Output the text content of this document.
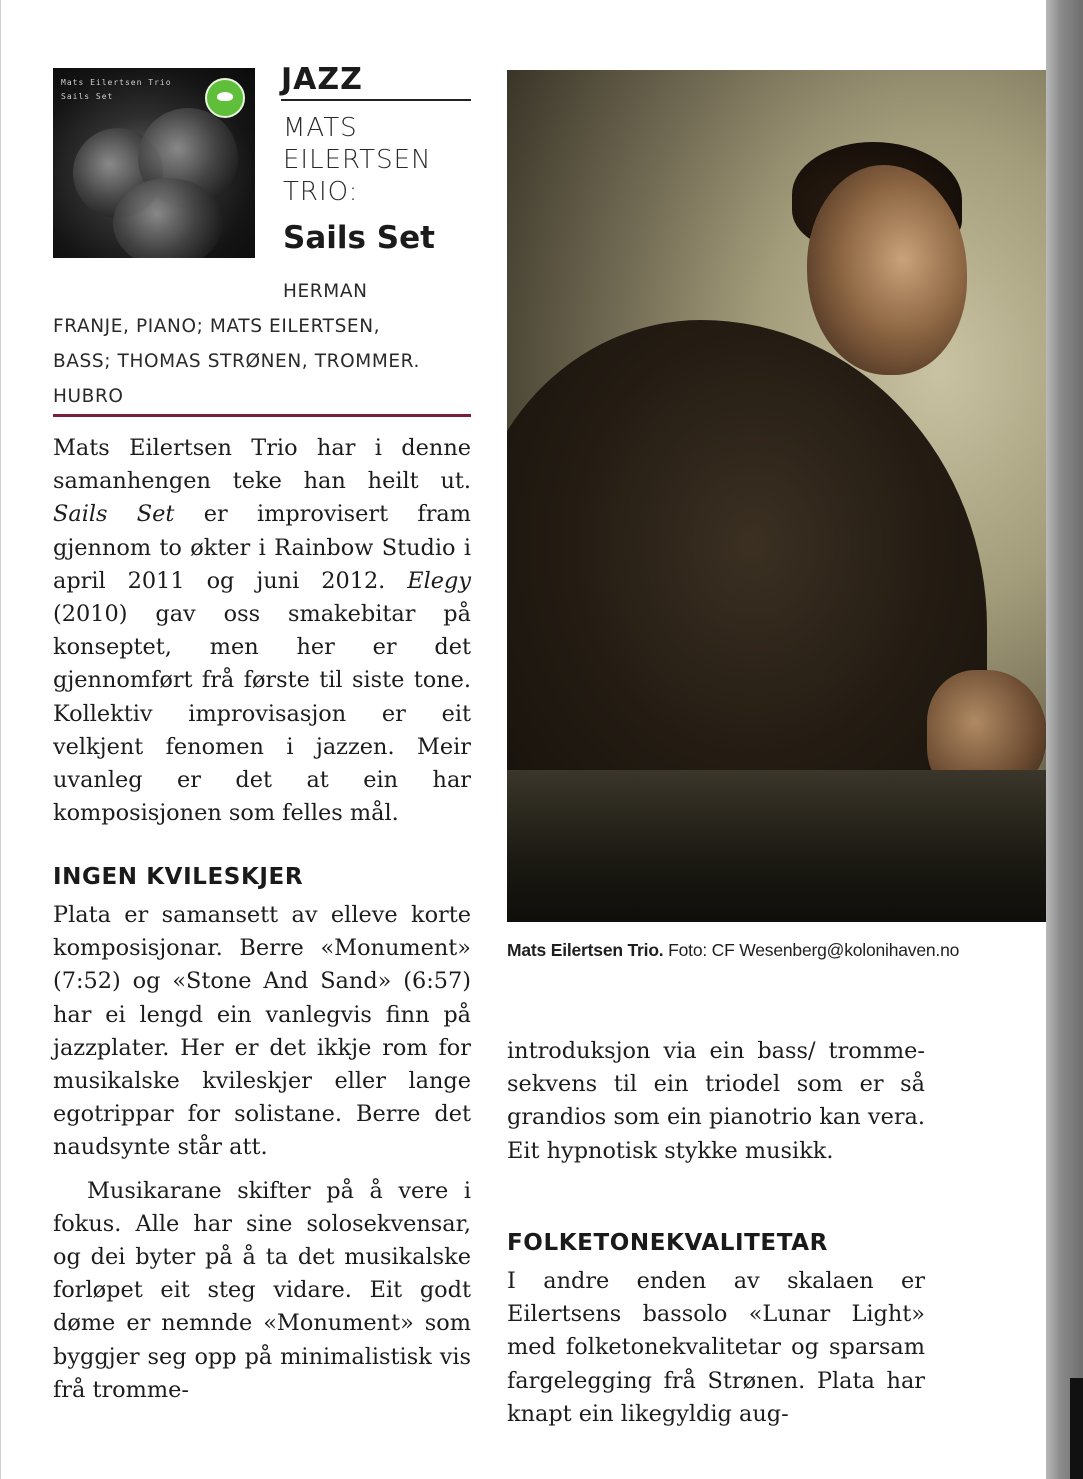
Mats Eilertsen Trio
Sails Set	JAZZ
MATS
EILERTSEN
TRIO:
Sails Set
HERMAN
FRANJE, PIANO; MATS EILERTSEN,
BASS; THOMAS STRØNEN, TROMMER.
HUBRO
Mats Eilertsen Trio har i denne samanhengen teke han heilt ut. Sails Set er improvisert fram gjennom to økter i Rainbow Studio i april 2011 og juni 2012. Elegy (2010) gav oss smakebitar på konseptet, men her er det gjennomført frå første til siste tone. Kollektiv improvisasjon er eit velkjent fenomen i jazzen. Meir uvanleg er det at ein har komposisjonen som felles mål.
INGEN KVILESKJER

Plata er samansett av elleve korte komposisjonar. Berre «Monument» (7:52) og «Stone And Sand» (6:57) har ei lengd ein vanlegvis finn på jazzplater. Her er det ikkje rom for musikalske kvileskjer eller lange egotrippar for solistane. Berre det naudsynte står att.

Musikarane skifter på å vere i fokus. Alle har sine solosekvensar, og dei byter på å ta det musikalske forløpet eit steg vidare. Eit godt døme er nemnde «Monument» som byggjer seg opp på minimalistisk vis frå tromme-

Mats Eilertsen Trio. Foto: CF Wesenberg@kolonihaven.no
introduksjon via ein bass/ tromme-sekvens til ein triodel som er så grandios som ein pianotrio kan vera. Eit hypnotisk stykke musikk.
FOLKETONEKVALITETAR
I andre enden av skalaen er Eilertsens bassolo «Lunar Light» med folketonekvalitetar og sparsam fargelegging frå Strønen. Plata har knapt ein likegyldig aug-
